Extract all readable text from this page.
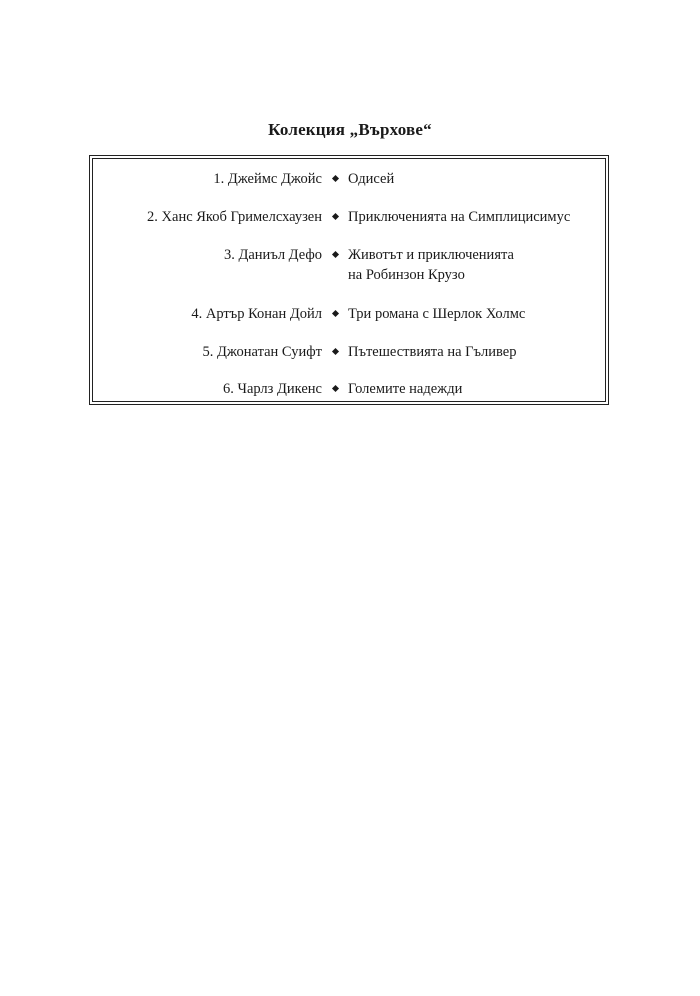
Колекция „Върхове“
1. Джеймс Джойс Одисей
2. Ханс Якоб Гримелсхаузен Приключенията на Симплицисимус
3. Даниъл Дефо Животът и приключенията
на Робинзон Крузо
4. Артър Конан Дойл Три романа с Шерлок Холмс
5. Джонатан Суифт Пътешествията на Гъливер
6. Чарлз Дикенс Големите надежди
